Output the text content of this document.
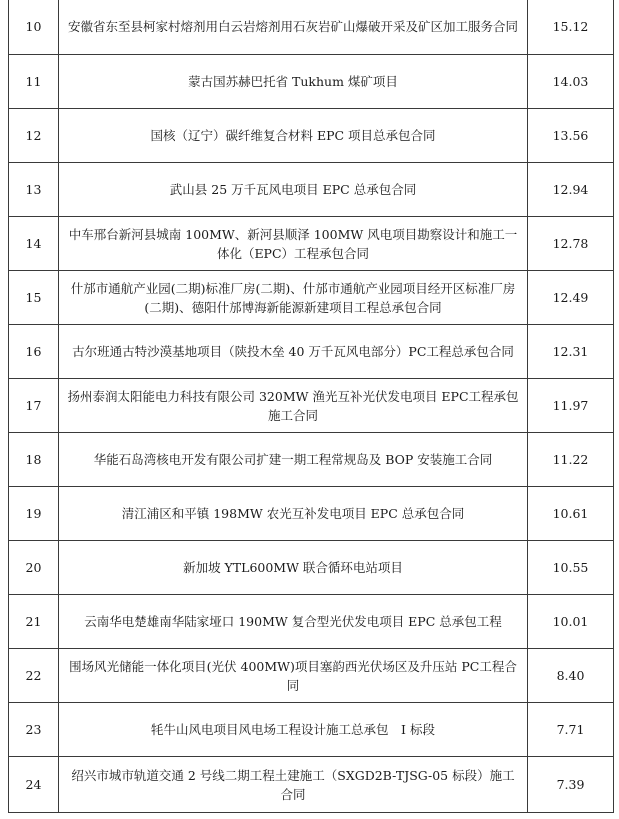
10	安徽省东至县柯家村熔剂用白云岩熔剂用石灰岩矿山爆破开采及矿区加工服务合同	15.12
11	蒙古国苏赫巴托省 Tukhum 煤矿项目	14.03
12	国核（辽宁）碳纤维复合材料 EPC 项目总承包合同	13.56
13	武山县 25 万千瓦风电项目 EPC 总承包合同	12.94
14	中车邢台新河县城南 100MW、新河县顺泽 100MW 风电项目勘察设计和施工一体化（EPC）工程承包合同	12.78
15	什邡市通航产业园(二期)标准厂房(二期)、什邡市通航产业园项目经开区标准厂房(二期)、德阳什邡博海新能源新建项目工程总承包合同	12.49
16	古尔班通古特沙漠基地项目（陕投木垒 40 万千瓦风电部分）PC工程总承包合同	12.31
17	扬州泰润太阳能电力科技有限公司 320MW 渔光互补光伏发电项目 EPC工程承包施工合同	11.97
18	华能石岛湾核电开发有限公司扩建一期工程常规岛及 BOP 安装施工合同	11.22
19	清江浦区和平镇 198MW 农光互补发电项目 EPC 总承包合同	10.61
20	新加坡 YTL600MW 联合循环电站项目	10.55
21	云南华电楚雄南华陆家垭口 190MW 复合型光伏发电项目 EPC 总承包工程	10.01
22	围场风光储能一体化项目(光伏 400MW)项目塞韵西光伏场区及升压站 PC工程合同	8.40
23	牦牛山风电项目风电场工程设计施工总承包　I 标段	7.71
24	绍兴市城市轨道交通 2 号线二期工程土建施工（SXGD2B-TJSG-05 标段）施工合同	7.39
